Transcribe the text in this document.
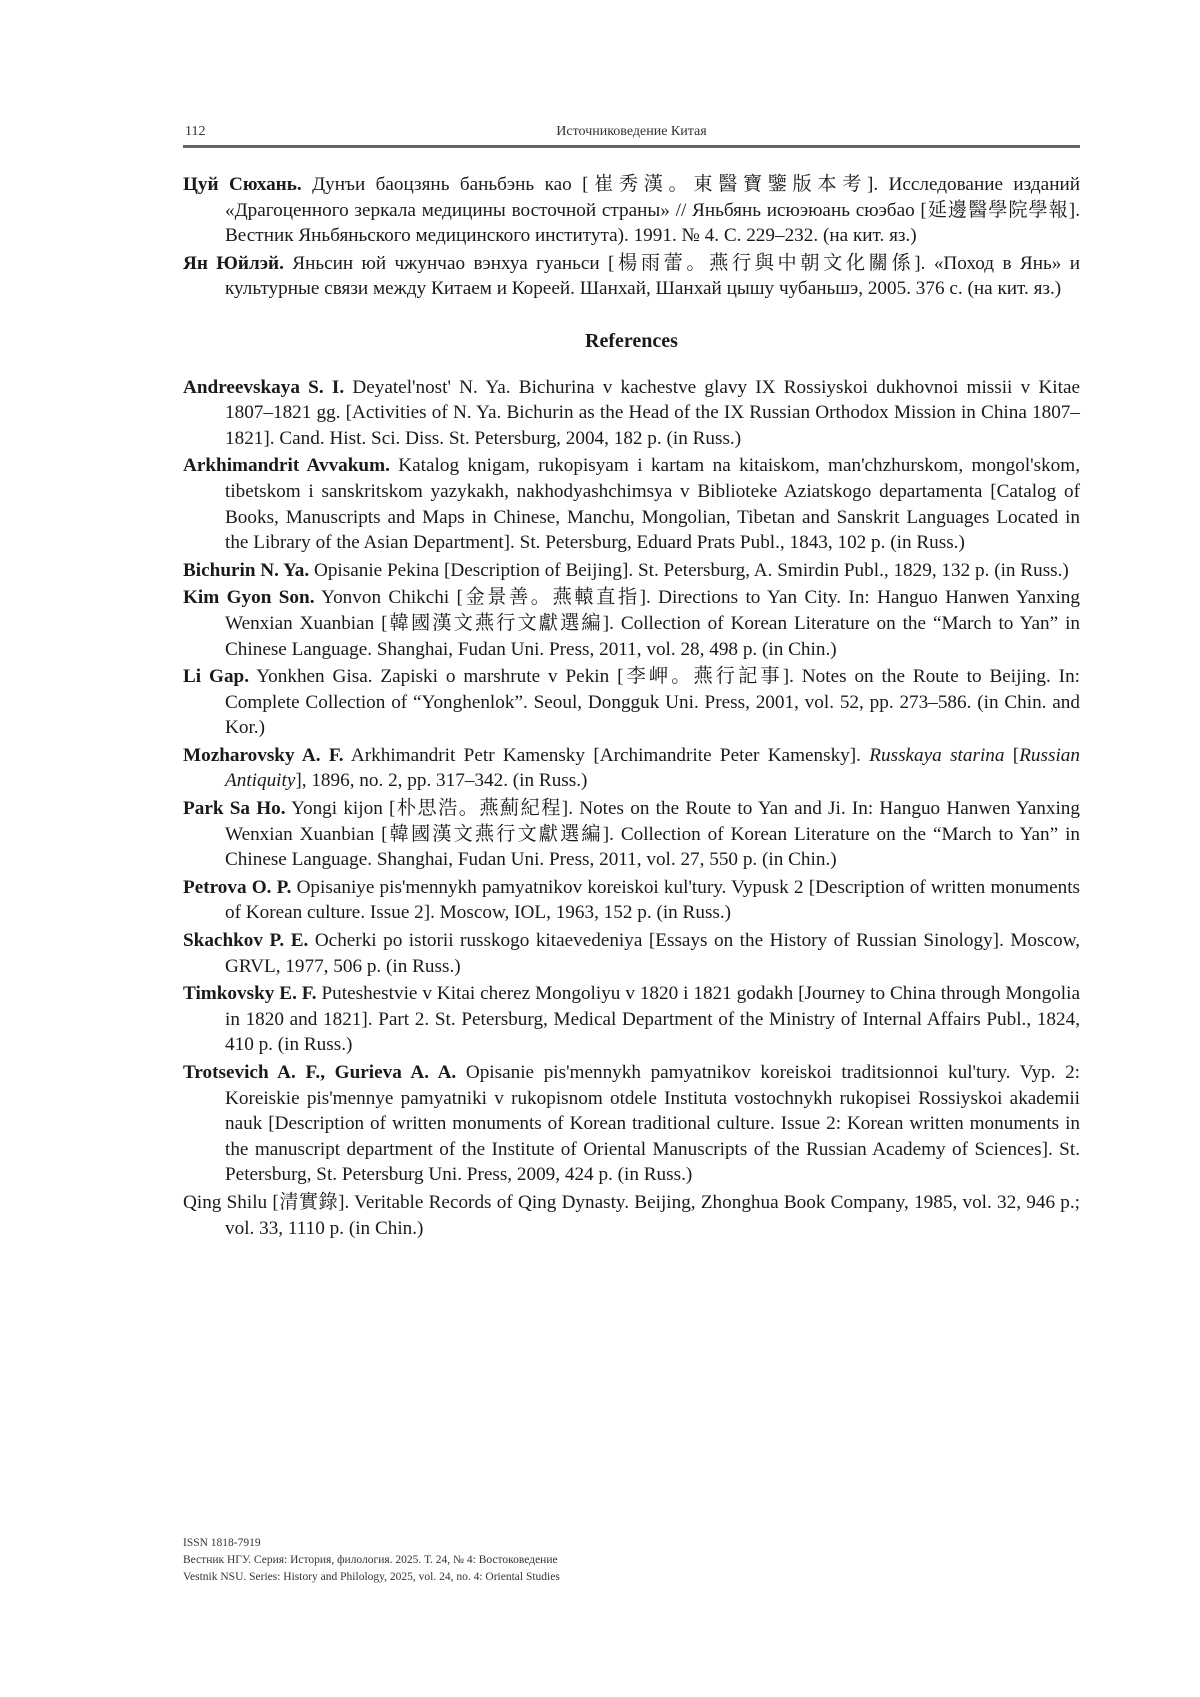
112	Источниковедение Китая

Цуй Сюхань. Дунъи баоцзянь баньбэнь као [崔秀漢。東醫寶鑒版本考]. Исследование изданий «Драгоценного зеркала медицины восточной страны» // Яньбянь исюэюань сюэбао [延邊醫學院學報]. Вестник Яньбяньского медицинского института). 1991. № 4. С. 229–232. (на кит. яз.)

Ян Юйлэй. Яньсин юй чжунчао вэнхуа гуаньси [楊雨蕾。燕行與中朝文化關係]. «Поход в Янь» и культурные связи между Китаем и Кореей. Шанхай, Шанхай цышу чубаньшэ, 2005. 376 с. (на кит. яз.)

References

Andreevskaya S. I. Deyatel'nost' N. Ya. Bichurina v kachestve glavy IX Rossiyskoi dukhovnoi missii v Kitae 1807–1821 gg. [Activities of N. Ya. Bichurin as the Head of the IX Russian Orthodox Mission in China 1807–1821]. Cand. Hist. Sci. Diss. St. Petersburg, 2004, 182 p. (in Russ.)

Arkhimandrit Avvakum. Katalog knigam, rukopisyam i kartam na kitaiskom, man'chzhurskom, mongol'skom, tibetskom i sanskritskom yazykakh, nakhodyashchimsya v Biblioteke Aziatskogo departamenta [Catalog of Books, Manuscripts and Maps in Chinese, Manchu, Mongolian, Tibetan and Sanskrit Languages Located in the Library of the Asian Department]. St. Petersburg, Eduard Prats Publ., 1843, 102 p. (in Russ.)

Bichurin N. Ya. Opisanie Pekina [Description of Beijing]. St. Petersburg, A. Smirdin Publ., 1829, 132 p. (in Russ.)

Kim Gyon Son. Yonvon Chikchi [金景善。燕轅直指]. Directions to Yan City. In: Hanguo Hanwen Yanxing Wenxian Xuanbian [韓國漢文燕行文獻選編]. Collection of Korean Literature on the “March to Yan” in Chinese Language. Shanghai, Fudan Uni. Press, 2011, vol. 28, 498 p. (in Chin.)

Li Gap. Yonkhen Gisa. Zapiski o marshrute v Pekin [李岬。燕行記事]. Notes on the Route to Beijing. In: Complete Collection of “Yonghenlok”. Seoul, Dongguk Uni. Press, 2001, vol. 52, pp. 273–586. (in Chin. and Kor.)

Mozharovsky A. F. Arkhimandrit Petr Kamensky [Archimandrite Peter Kamensky]. Russkaya starina [Russian Antiquity], 1896, no. 2, pp. 317–342. (in Russ.)

Park Sa Ho. Yongi kijon [朴思浩。燕薊紀程]. Notes on the Route to Yan and Ji. In: Hanguo Hanwen Yanxing Wenxian Xuanbian [韓國漢文燕行文獻選編]. Collection of Korean Literature on the “March to Yan” in Chinese Language. Shanghai, Fudan Uni. Press, 2011, vol. 27, 550 p. (in Chin.)

Petrova O. P. Opisaniye pis'mennykh pamyatnikov koreiskoi kul'tury. Vypusk 2 [Description of written monuments of Korean culture. Issue 2]. Moscow, IOL, 1963, 152 p. (in Russ.)

Skachkov P. E. Ocherki po istorii russkogo kitaevedeniya [Essays on the History of Russian Sinology]. Moscow, GRVL, 1977, 506 p. (in Russ.)

Timkovsky E. F. Puteshestvie v Kitai cherez Mongoliyu v 1820 i 1821 godakh [Journey to China through Mongolia in 1820 and 1821]. Part 2. St. Petersburg, Medical Department of the Ministry of Internal Affairs Publ., 1824, 410 p. (in Russ.)

Trotsevich A. F., Gurieva A. A. Opisanie pis'mennykh pamyatnikov koreiskoi traditsionnoi kul'tury. Vyp. 2: Koreiskie pis'mennye pamyatniki v rukopisnom otdele Instituta vostochnykh rukopisei Rossiyskoi akademii nauk [Description of written monuments of Korean traditional culture. Issue 2: Korean written monuments in the manuscript department of the Institute of Oriental Manuscripts of the Russian Academy of Sciences]. St. Petersburg, St. Petersburg Uni. Press, 2009, 424 p. (in Russ.)

Qing Shilu [清實錄]. Veritable Records of Qing Dynasty. Beijing, Zhonghua Book Company, 1985, vol. 32, 946 p.; vol. 33, 1110 p. (in Chin.)

ISSN 1818-7919
Вестник НГУ. Серия: История, филология. 2025. Т. 24, № 4: Востоковедение
Vestnik NSU. Series: History and Philology, 2025, vol. 24, no. 4: Oriental Studies
